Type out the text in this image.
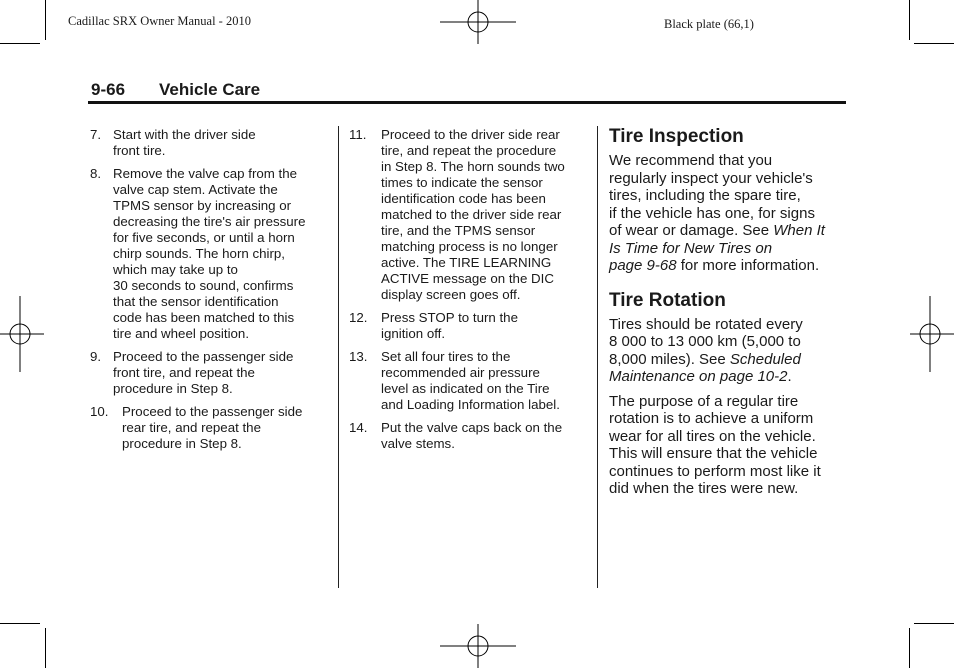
Cadillac SRX Owner Manual - 2010	Black plate (66,1)
9-66 Vehicle Care
7. Start with the driver side
front tire.
8. Remove the valve cap from the
valve cap stem. Activate the
TPMS sensor by increasing or
decreasing the tire's air pressure
for five seconds, or until a horn
chirp sounds. The horn chirp,
which may take up to
30 seconds to sound, confirms
that the sensor identification
code has been matched to this
tire and wheel position.
9. Proceed to the passenger side
front tire, and repeat the
procedure in Step 8.
10. Proceed to the passenger side
rear tire, and repeat the
procedure in Step 8.
11. Proceed to the driver side rear
tire, and repeat the procedure
in Step 8. The horn sounds two
times to indicate the sensor
identification code has been
matched to the driver side rear
tire, and the TPMS sensor
matching process is no longer
active. The TIRE LEARNING
ACTIVE message on the DIC
display screen goes off.
12. Press STOP to turn the
ignition off.
13. Set all four tires to the
recommended air pressure
level as indicated on the Tire
and Loading Information label.
14. Put the valve caps back on the
valve stems.
Tire Inspection
We recommend that you
regularly inspect your vehicle's
tires, including the spare tire,
if the vehicle has one, for signs
of wear or damage. See When It
Is Time for New Tires on
page 9-68 for more information.
Tire Rotation
Tires should be rotated every
8 000 to 13 000 km (5,000 to
8,000 miles). See Scheduled
Maintenance on page 10-2.
The purpose of a regular tire
rotation is to achieve a uniform
wear for all tires on the vehicle.
This will ensure that the vehicle
continues to perform most like it
did when the tires were new.
